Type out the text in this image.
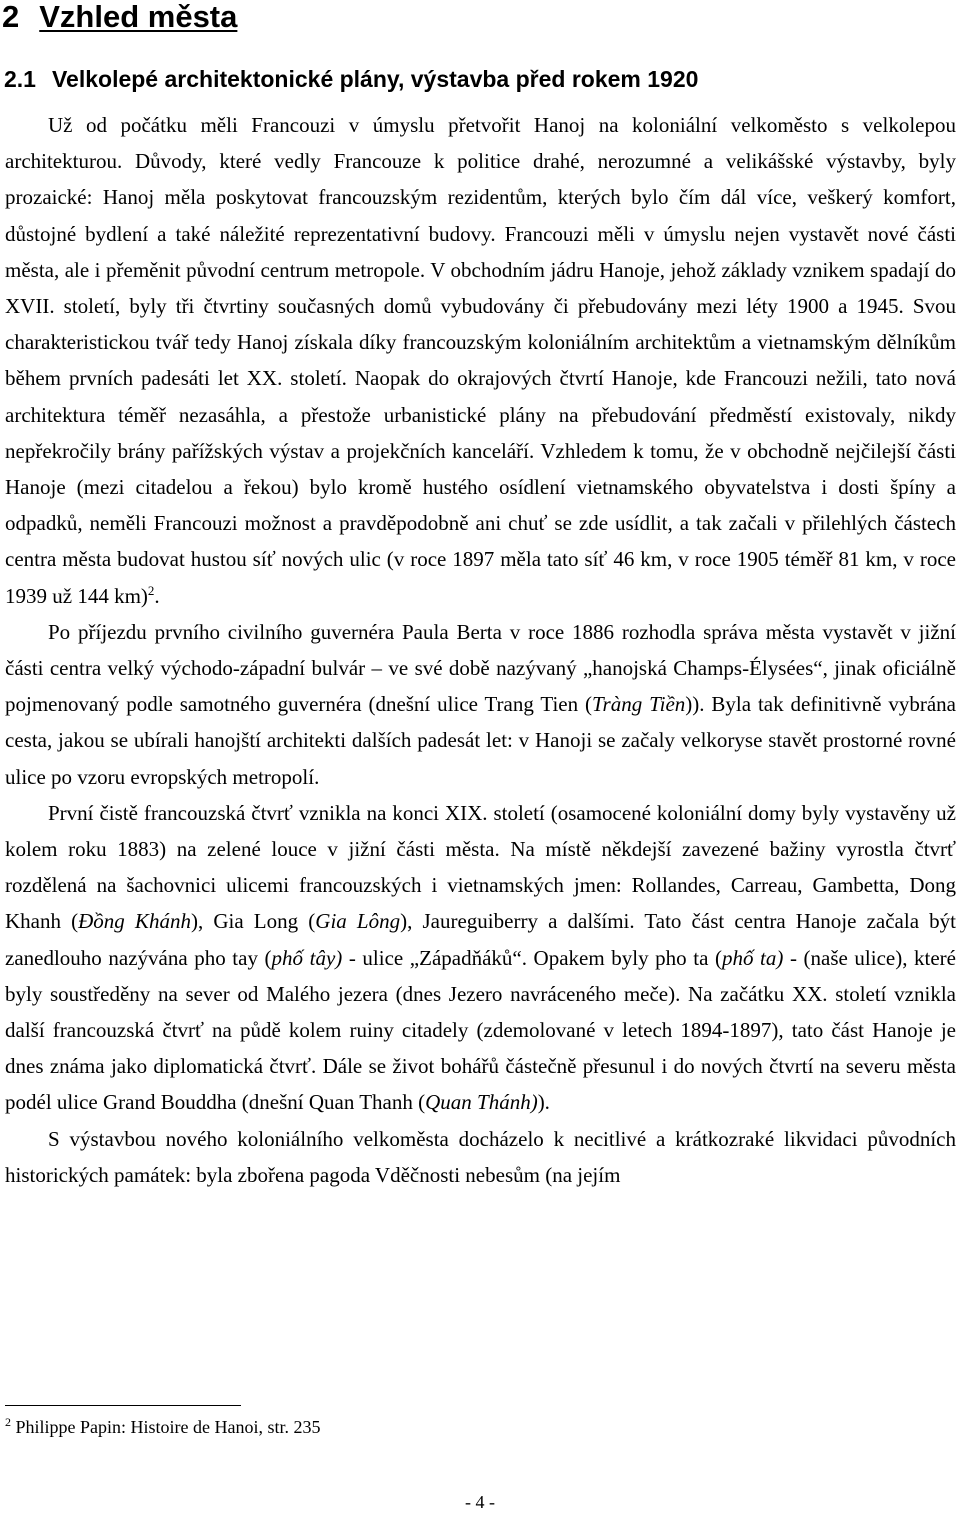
2 Vzhled města
2.1 Velkolepé architektonické plány, výstavba před rokem 1920

Už od počátku měli Francouzi v úmyslu přetvořit Hanoj na koloniální velkoměsto s velkolepou architekturou. Důvody, které vedly Francouze k politice drahé, nerozumné a velikášské výstavby, byly prozaické: Hanoj měla poskytovat francouzským rezidentům, kterých bylo čím dál více, veškerý komfort, důstojné bydlení a také náležité reprezentativní budovy. Francouzi měli v úmyslu nejen vystavět nové části města, ale i přeměnit původní centrum metropole. V obchodním jádru Hanoje, jehož základy vznikem spadají do XVII. století, byly tři čtvrtiny současných domů vybudovány či přebudovány mezi léty 1900 a 1945. Svou charakteristickou tvář tedy Hanoj získala díky francouzským koloniálním architektům a vietnamským dělníkům během prvních padesáti let XX. století. Naopak do okrajových čtvrtí Hanoje, kde Francouzi nežili, tato nová architektura téměř nezasáhla, a přestože urbanistické plány na přebudování předměstí existovaly, nikdy nepřekročily brány pařížských výstav a projekčních kanceláří. Vzhledem k tomu, že v obchodně nejčilejší části Hanoje (mezi citadelou a řekou) bylo kromě hustého osídlení vietnamského obyvatelstva i dosti špíny a odpadků, neměli Francouzi možnost a pravděpodobně ani chuť se zde usídlit, a tak začali v přilehlých částech centra města budovat hustou síť nových ulic (v roce 1897 měla tato síť 46 km, v roce 1905 téměř 81 km, v roce 1939 už 144 km)$^2$.

Po příjezdu prvního civilního guvernéra Paula Berta v roce 1886 rozhodla správa města vystavět v jižní části centra velký východo-západní bulvár – ve své době nazývaný „hanojská Champs-Élysées“, jinak oficiálně pojmenovaný podle samotného guvernéra (dnešní ulice Trang Tien (Tràng Tiền)). Byla tak definitivně vybrána cesta, jakou se ubírali hanojští architekti dalších padesát let: v Hanoji se začaly velkoryse stavět prostorné rovné ulice po vzoru evropských metropolí.

První čistě francouzská čtvrť vznikla na konci XIX. století (osamocené koloniální domy byly vystavěny už kolem roku 1883) na zelené louce v jižní části města. Na místě někdejší zavezené bažiny vyrostla čtvrť rozdělená na šachovnici ulicemi francouzských i vietnamských jmen: Rollandes, Carreau, Gambetta, Dong Khanh (Đồng Khánh), Gia Long (Gia Lông), Jaureguiberry a dalšími. Tato část centra Hanoje začala být zanedlouho nazývána pho tay (phố tây) - ulice „Západňáků“. Opakem byly pho ta (phố ta) - (naše ulice), které byly soustředěny na sever od Malého jezera (dnes Jezero navráceného meče). Na začátku XX. století vznikla další francouzská čtvrť na půdě kolem ruiny citadely (zdemolované v letech 1894-1897), tato část Hanoje je dnes známa jako diplomatická čtvrť. Dále se život bohářů částečně přesunul i do nových čtvrtí na severu města podél ulice Grand Bouddha (dnešní Quan Thanh (Quan Thánh)).

S výstavbou nového koloniálního velkoměsta docházelo k necitlivé a krátkozraké likvidaci původních historických památek: byla zbořena pagoda Vděčnosti nebesům (na jejím

$^2$ Philippe Papin: Histoire de Hanoi, str. 235
- 4 -
